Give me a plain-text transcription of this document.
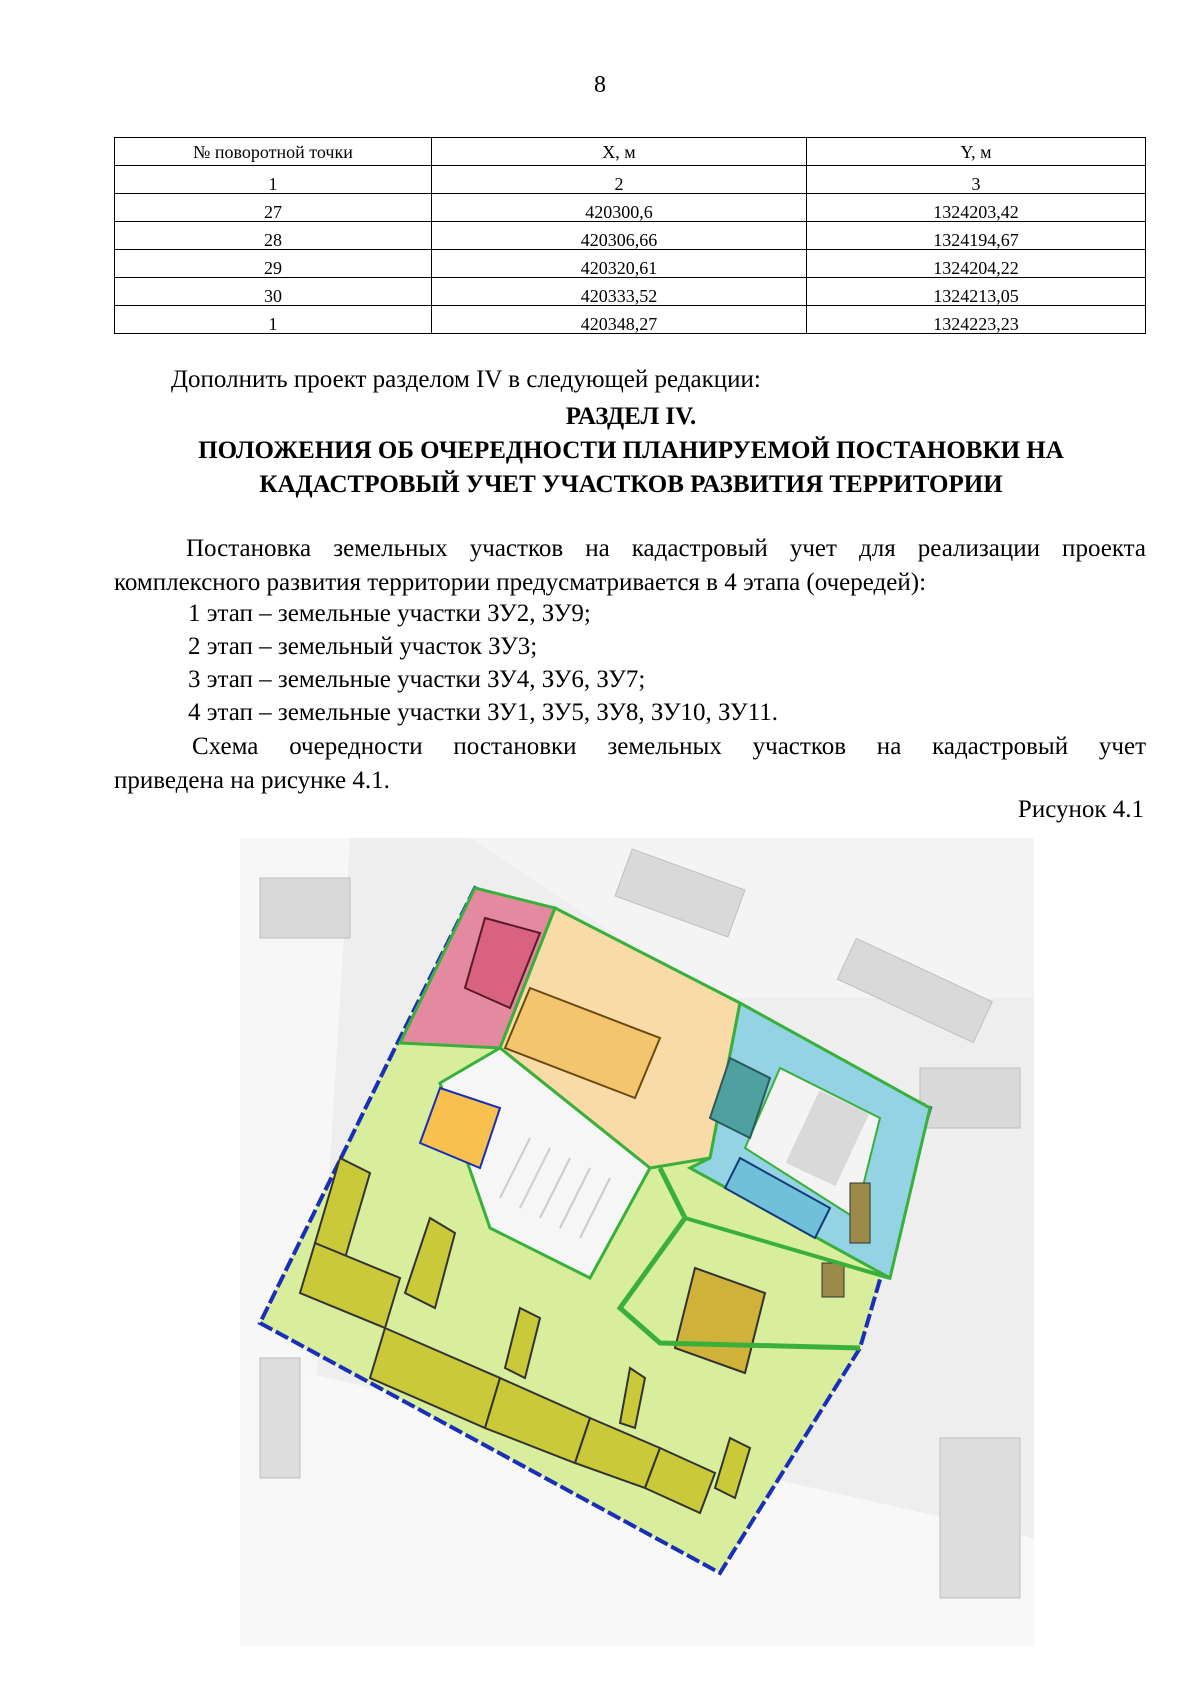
8
№ поворотной точки	X, м	Y, м
1	2	3
27	420300,6	1324203,42
28	420306,66	1324194,67
29	420320,61	1324204,22
30	420333,52	1324213,05
1	420348,27	1324223,23
Дополнить проект разделом IV в следующей редакции:
РАЗДЕЛ IV.
ПОЛОЖЕНИЯ ОБ ОЧЕРЕДНОСТИ ПЛАНИРУЕМОЙ ПОСТАНОВКИ НА
КАДАСТРОВЫЙ УЧЕТ УЧАСТКОВ РАЗВИТИЯ ТЕРРИТОРИИ
Постановка земельных участков на кадастровый учет для реализации проекта
комплексного развития территории предусматривается в 4 этапа (очередей):
1 этап – земельные участки ЗУ2, ЗУ9;
2 этап – земельный участок ЗУ3;
3 этап – земельные участки ЗУ4, ЗУ6, ЗУ7;
4 этап – земельные участки ЗУ1, ЗУ5, ЗУ8, ЗУ10, ЗУ11.
Схема очередности постановки земельных участков на кадастровый учет
приведена на рисунке 4.1.
Рисунок 4.1
